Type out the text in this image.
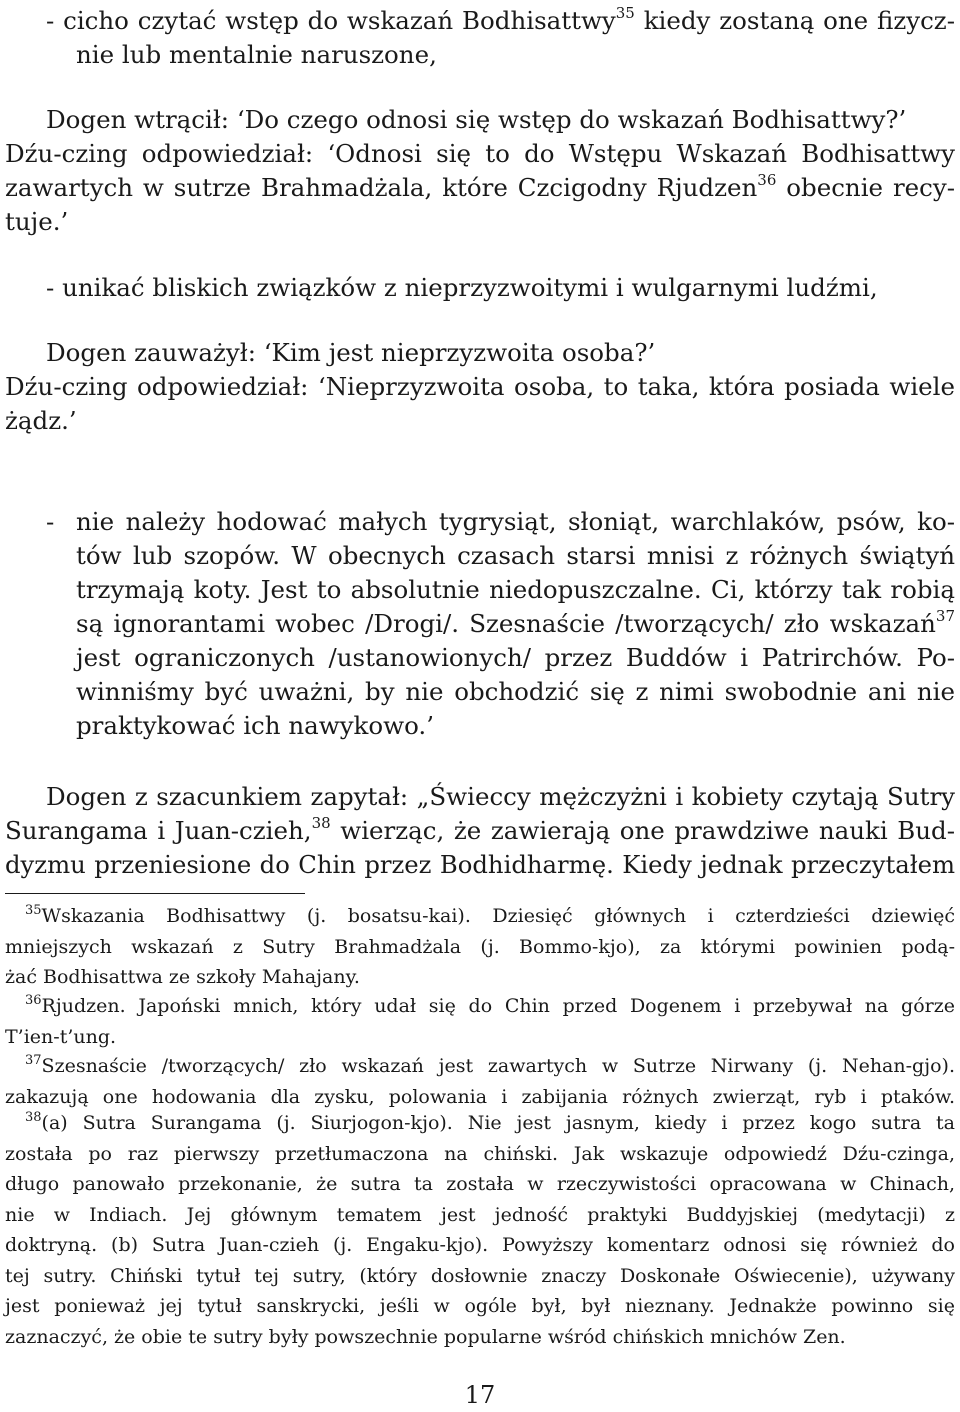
- cicho czytać wstęp do wskazań Bodhisattwy$^{35}$ kiedy zostaną one fizycz-
nie lub mentalnie naruszone,
Dogen wtrącił: ‘Do czego odnosi się wstęp do wskazań Bodhisattwy?’
Dźu-czing odpowiedział: ‘Odnosi się to do Wstępu Wskazań Bodhisattwy
zawartych w sutrze Brahmadżala, które Czcigodny Rjudzen$^{36}$ obecnie recy-
tuje.’
- unikać bliskich związków z nieprzyzwoitymi i wulgarnymi ludźmi,
Dogen zauważył: ‘Kim jest nieprzyzwoita osoba?’
Dźu-czing odpowiedział: ‘Nieprzyzwoita osoba, to taka, która posiada wiele
żądz.’
- nie należy hodować małych tygrysiąt, słoniąt, warchlaków, psów, ko-
tów lub szopów. W obecnych czasach starsi mnisi z różnych świątyń
trzymają koty. Jest to absolutnie niedopuszczalne. Ci, którzy tak robią
są ignorantami wobec /Drogi/. Szesnaście /tworzących/ zło wskazań$^{37}$
jest ograniczonych /ustanowionych/ przez Buddów i Patrirchów. Po-
winniśmy być uważni, by nie obchodzić się z nimi swobodnie ani nie
praktykować ich nawykowo.’
Dogen z szacunkiem zapytał: „Świeccy mężczyżni i kobiety czytają Sutry
Surangama i Juan-czieh,$^{38}$ wierząc, że zawierają one prawdziwe nauki Bud-
dyzmu przeniesione do Chin przez Bodhidharmę. Kiedy jednak przeczytałem
$^{35}$Wskazania Bodhisattwy (j. bosatsu-kai). Dziesięć głównych i czterdzieści dziewięć
mniejszych wskazań z Sutry Brahmadżala (j. Bommo-kjo), za którymi powinien podą-
żać Bodhisattwa ze szkoły Mahajany.
$^{36}$Rjudzen. Japoński mnich, który udał się do Chin przed Dogenem i przebywał na górze
T’ien-t’ung.
$^{37}$Szesnaście /tworzących/ zło wskazań jest zawartych w Sutrze Nirwany (j. Nehan-gjo).
zakazują one hodowania dla zysku, polowania i zabijania różnych zwierząt, ryb i ptaków.
$^{38}$(a) Sutra Surangama (j. Siurjogon-kjo). Nie jest jasnym, kiedy i przez kogo sutra ta
została po raz pierwszy przetłumaczona na chiński. Jak wskazuje odpowiedź Dźu-czinga,
długo panowało przekonanie, że sutra ta została w rzeczywistości opracowana w Chinach,
nie w Indiach. Jej głównym tematem jest jedność praktyki Buddyjskiej (medytacji) z
doktryną. (b) Sutra Juan-czieh (j. Engaku-kjo). Powyższy komentarz odnosi się również do
tej sutry. Chiński tytuł tej sutry, (który dosłownie znaczy Doskonałe Oświecenie), używany
jest ponieważ jej tytuł sanskrycki, jeśli w ogóle był, był nieznany. Jednakże powinno się
zaznaczyć, że obie te sutry były powszechnie popularne wśród chińskich mnichów Zen.
17
